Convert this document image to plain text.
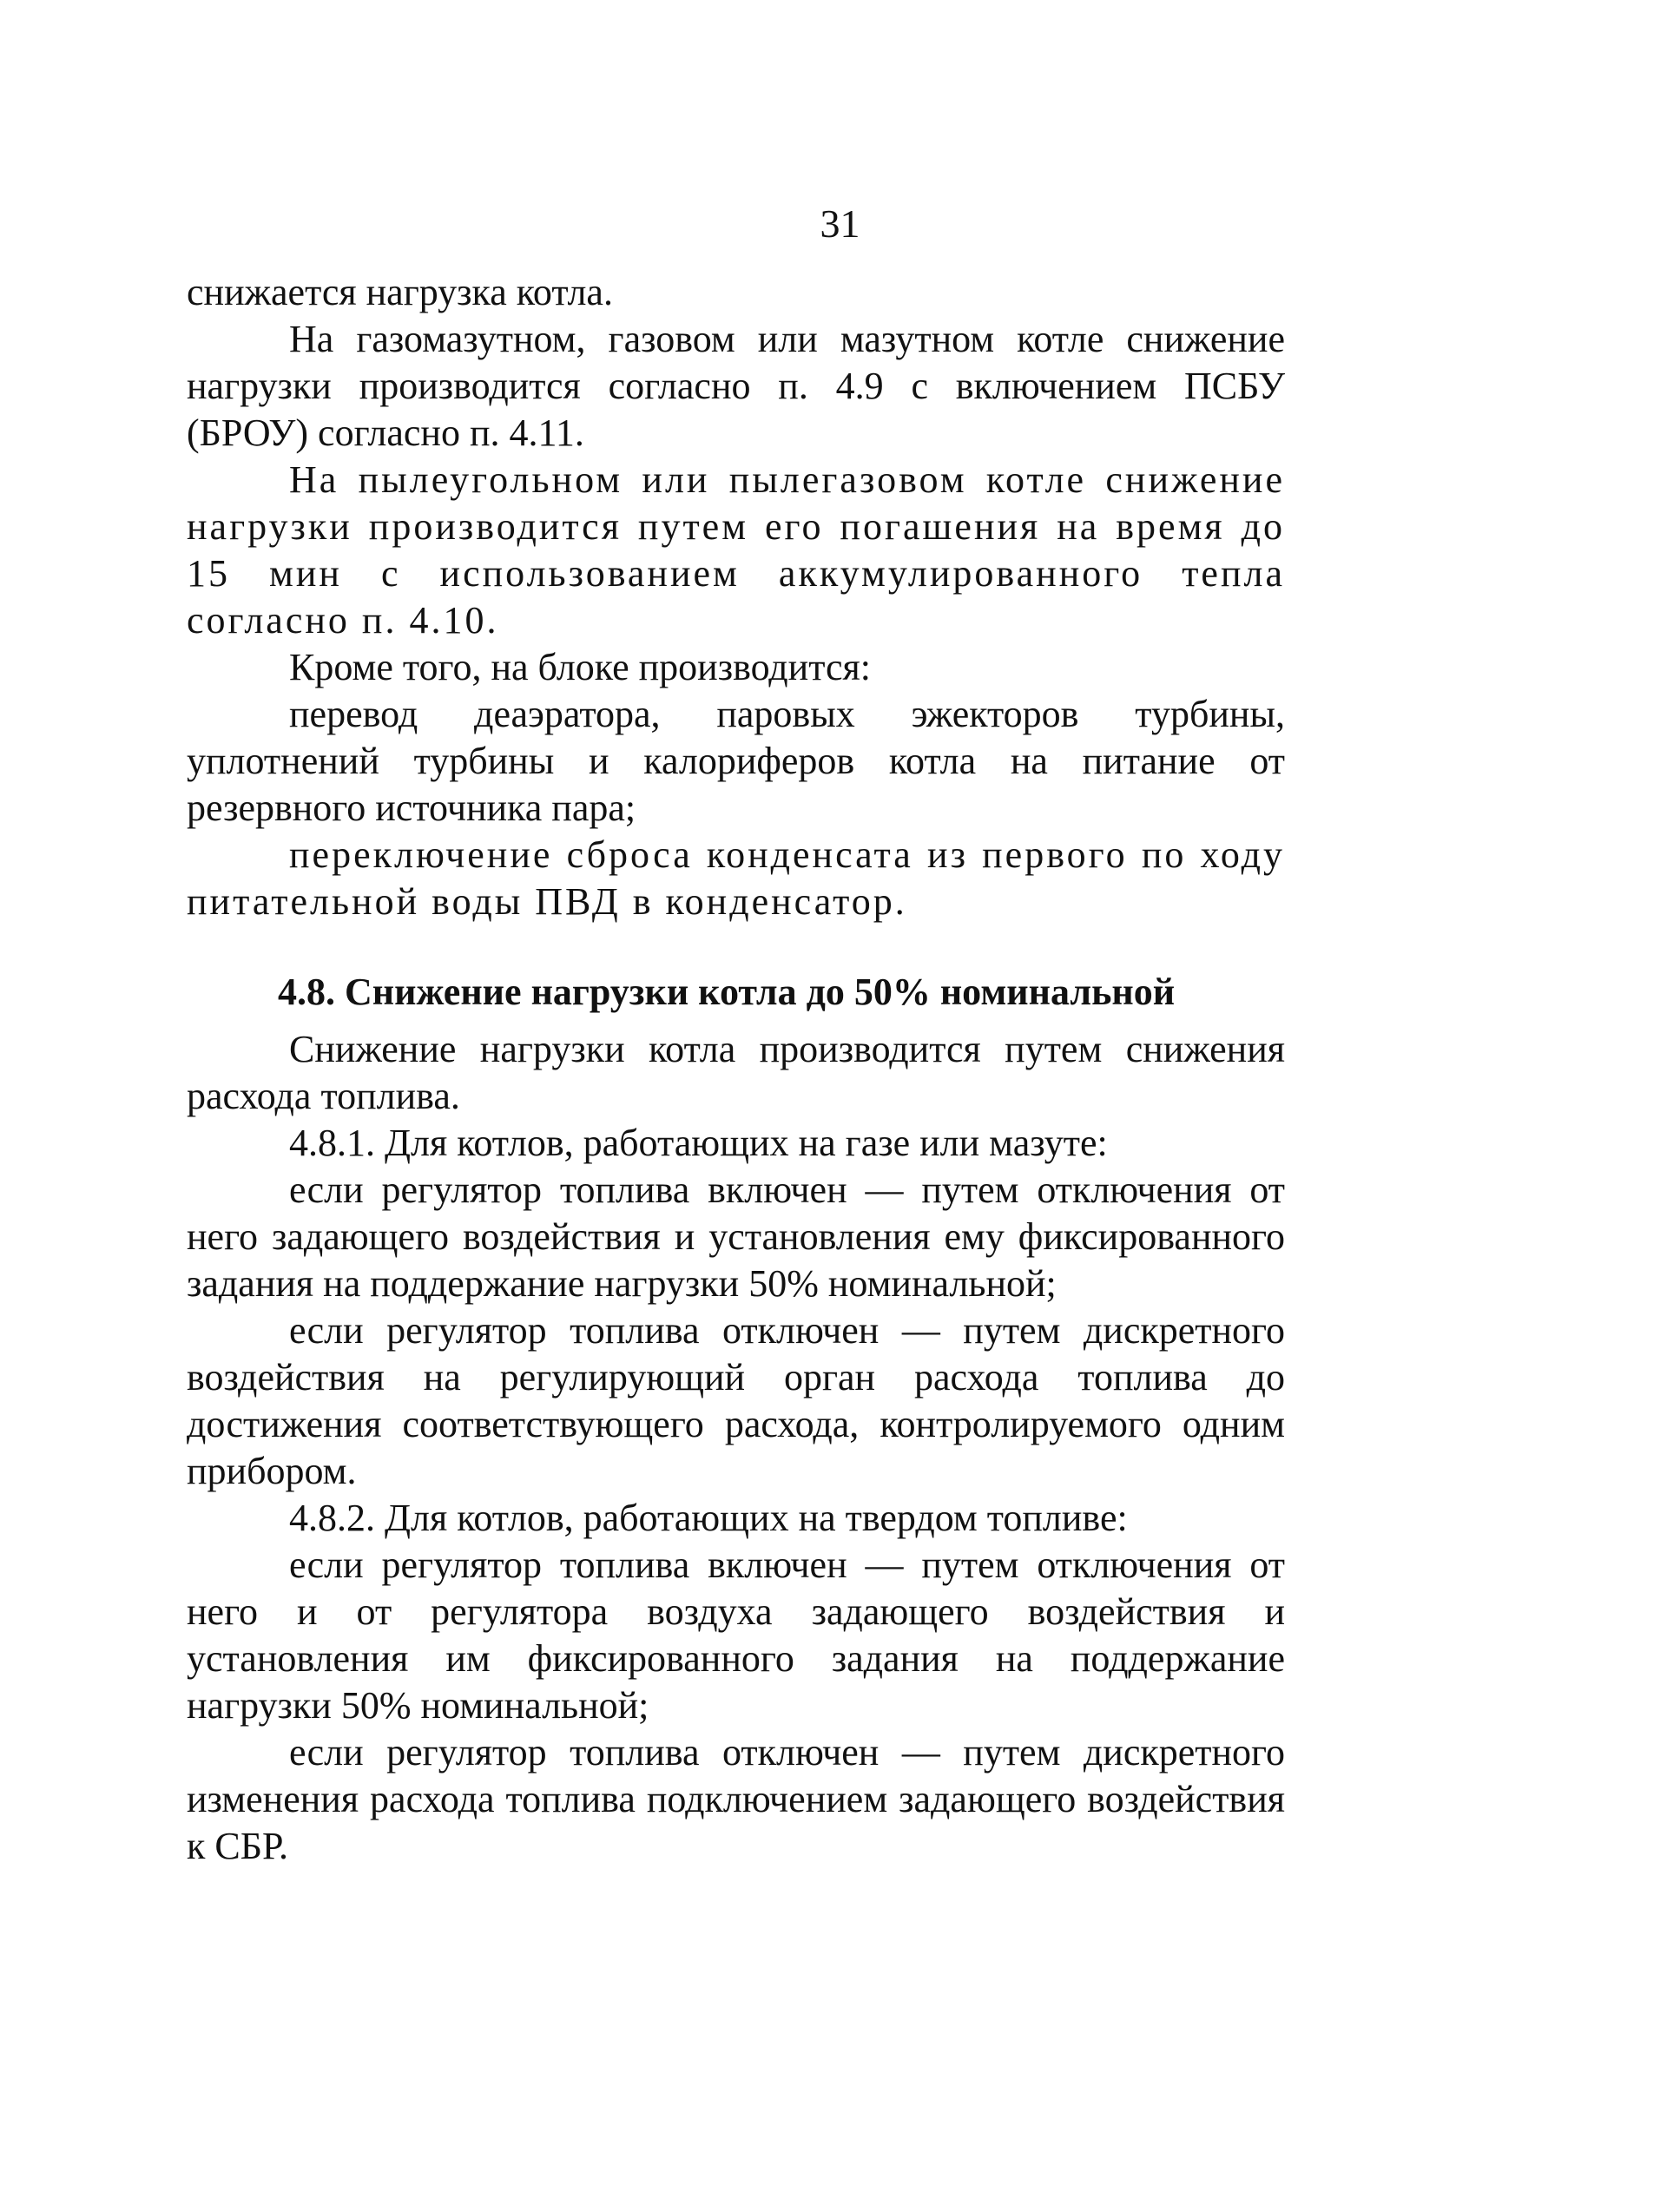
31

снижается нагрузка котла.

На газомазутном, газовом или мазутном котле снижение нагрузки производится согласно п. 4.9 с включением ПСБУ (БРОУ) согласно п. 4.11.

На пылеугольном или пылегазовом котле снижение нагрузки производится путем его погашения на время до 15 мин с использованием аккумулированного тепла согласно п. 4.10.

Кроме того, на блоке производится:

перевод деаэратора, паровых эжекторов турбины, уплотнений турбины и калориферов котла на питание от резервного источника пара;

переключение сброса конденсата из первого по ходу питательной воды ПВД в конденсатор.

4.8. Снижение нагрузки котла до 50% номинальной

Снижение нагрузки котла производится путем снижения расхода топлива.

4.8.1. Для котлов, работающих на газе или мазуте:

если регулятор топлива включен — путем отключения от него задающего воздействия и установления ему фиксированного задания на поддержание нагрузки 50% номинальной;

если регулятор топлива отключен — путем дискретного воздействия на регулирующий орган расхода топлива до достижения соответствующего расхода, контролируемого одним прибором.

4.8.2. Для котлов, работающих на твердом топливе:

если регулятор топлива включен — путем отключения от него и от регулятора воздуха задающего воздействия и установления им фиксированного задания на поддержание нагрузки 50% номинальной;

если регулятор топлива отключен — путем дискретного изменения расхода топлива подключением задающего воздействия к СБР.
